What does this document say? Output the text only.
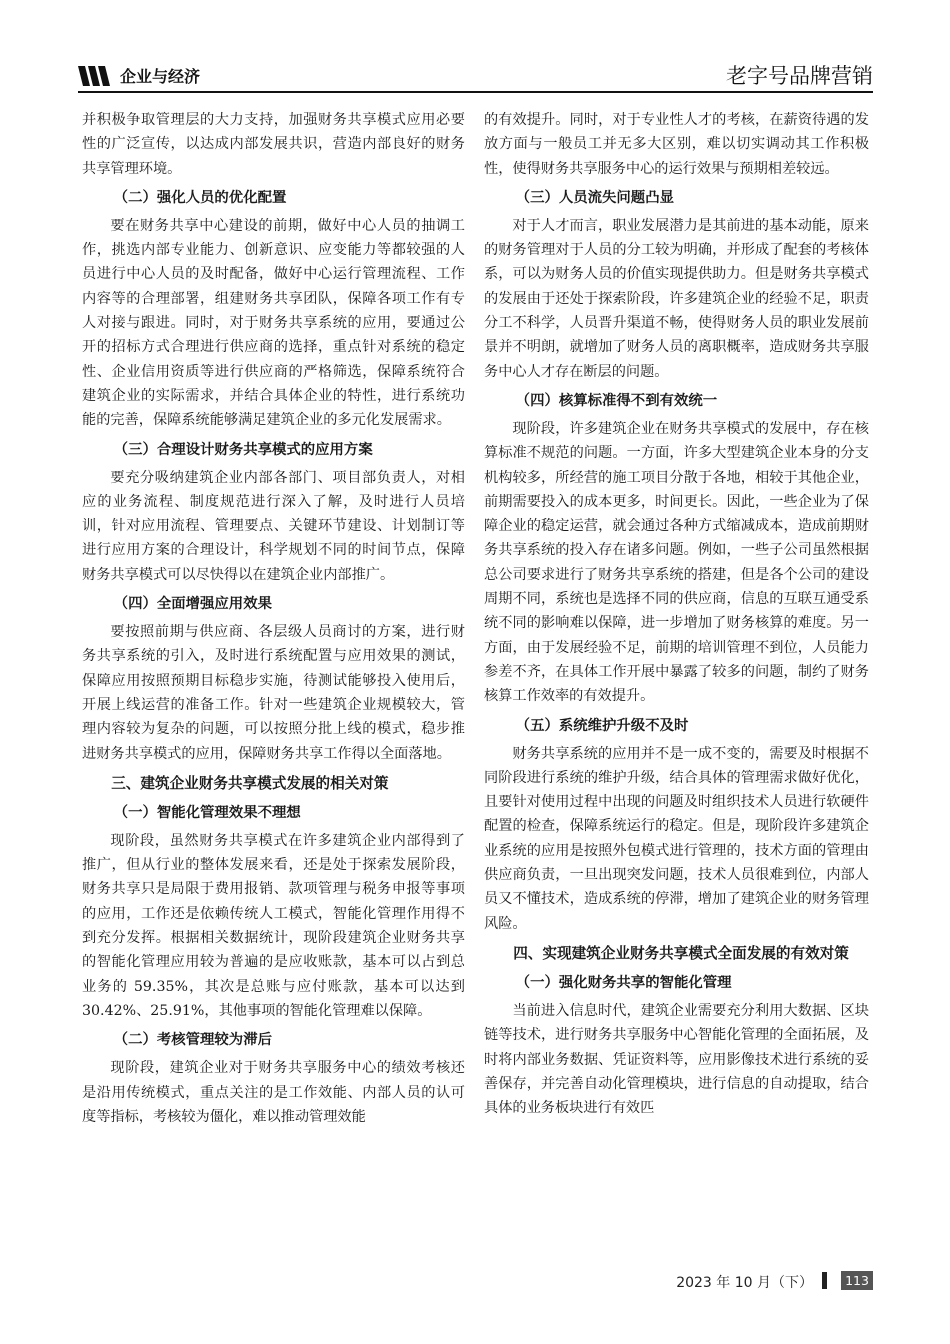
企业与经济	老字号品牌营销

并积极争取管理层的大力支持，加强财务共享模式应用必要性的广泛宣传，以达成内部发展共识，营造内部良好的财务共享管理环境。

（二）强化人员的优化配置

要在财务共享中心建设的前期，做好中心人员的抽调工作，挑选内部专业能力、创新意识、应变能力等都较强的人员进行中心人员的及时配备，做好中心运行管理流程、工作内容等的合理部署，组建财务共享团队，保障各项工作有专人对接与跟进。同时，对于财务共享系统的应用，要通过公开的招标方式合理进行供应商的选择，重点针对系统的稳定性、企业信用资质等进行供应商的严格筛选，保障系统符合建筑企业的实际需求，并结合具体企业的特性，进行系统功能的完善，保障系统能够满足建筑企业的多元化发展需求。

（三）合理设计财务共享模式的应用方案

要充分吸纳建筑企业内部各部门、项目部负责人，对相应的业务流程、制度规范进行深入了解，及时进行人员培训，针对应用流程、管理要点、关键环节建设、计划制订等进行应用方案的合理设计，科学规划不同的时间节点，保障财务共享模式可以尽快得以在建筑企业内部推广。

（四）全面增强应用效果

要按照前期与供应商、各层级人员商讨的方案，进行财务共享系统的引入，及时进行系统配置与应用效果的测试，保障应用按照预期目标稳步实施，待测试能够投入使用后，开展上线运营的准备工作。针对一些建筑企业规模较大，管理内容较为复杂的问题，可以按照分批上线的模式，稳步推进财务共享模式的应用，保障财务共享工作得以全面落地。

三、建筑企业财务共享模式发展的相关对策
（一）智能化管理效果不理想

现阶段，虽然财务共享模式在许多建筑企业内部得到了推广，但从行业的整体发展来看，还是处于探索发展阶段，财务共享只是局限于费用报销、款项管理与税务申报等事项的应用，工作还是依赖传统人工模式，智能化管理作用得不到充分发挥。根据相关数据统计，现阶段建筑企业财务共享的智能化管理应用较为普遍的是应收账款，基本可以占到总业务的 59.35%，其次是总账与应付账款，基本可以达到 30.42%、25.91%，其他事项的智能化管理难以保障。

（二）考核管理较为滞后

现阶段，建筑企业对于财务共享服务中心的绩效考核还是沿用传统模式，重点关注的是工作效能、内部人员的认可度等指标，考核较为僵化，难以推动管理效能

的有效提升。同时，对于专业性人才的考核，在薪资待遇的发放方面与一般员工并无多大区别，难以切实调动其工作积极性，使得财务共享服务中心的运行效果与预期相差较远。

（三）人员流失问题凸显

对于人才而言，职业发展潜力是其前进的基本动能，原来的财务管理对于人员的分工较为明确，并形成了配套的考核体系，可以为财务人员的价值实现提供助力。但是财务共享模式的发展由于还处于探索阶段，许多建筑企业的经验不足，职责分工不科学，人员晋升渠道不畅，使得财务人员的职业发展前景并不明朗，就增加了财务人员的离职概率，造成财务共享服务中心人才存在断层的问题。

（四）核算标准得不到有效统一

现阶段，许多建筑企业在财务共享模式的发展中，存在核算标准不规范的问题。一方面，许多大型建筑企业本身的分支机构较多，所经营的施工项目分散于各地，相较于其他企业，前期需要投入的成本更多，时间更长。因此，一些企业为了保障企业的稳定运营，就会通过各种方式缩减成本，造成前期财务共享系统的投入存在诸多问题。例如，一些子公司虽然根据总公司要求进行了财务共享系统的搭建，但是各个公司的建设周期不同，系统也是选择不同的供应商，信息的互联互通受系统不同的影响难以保障，进一步增加了财务核算的难度。另一方面，由于发展经验不足，前期的培训管理不到位，人员能力参差不齐，在具体工作开展中暴露了较多的问题，制约了财务核算工作效率的有效提升。

（五）系统维护升级不及时

财务共享系统的应用并不是一成不变的，需要及时根据不同阶段进行系统的维护升级，结合具体的管理需求做好优化，且要针对使用过程中出现的问题及时组织技术人员进行软硬件配置的检查，保障系统运行的稳定。但是，现阶段许多建筑企业系统的应用是按照外包模式进行管理的，技术方面的管理由供应商负责，一旦出现突发问题，技术人员很难到位，内部人员又不懂技术，造成系统的停滞，增加了建筑企业的财务管理风险。

四、实现建筑企业财务共享模式全面发展的有效对策
（一）强化财务共享的智能化管理

当前进入信息时代，建筑企业需要充分利用大数据、区块链等技术，进行财务共享服务中心智能化管理的全面拓展，及时将内部业务数据、凭证资料等，应用影像技术进行系统的妥善保存，并完善自动化管理模块，进行信息的自动提取，结合具体的业务板块进行有效匹

2023 年 10 月（下）	113
